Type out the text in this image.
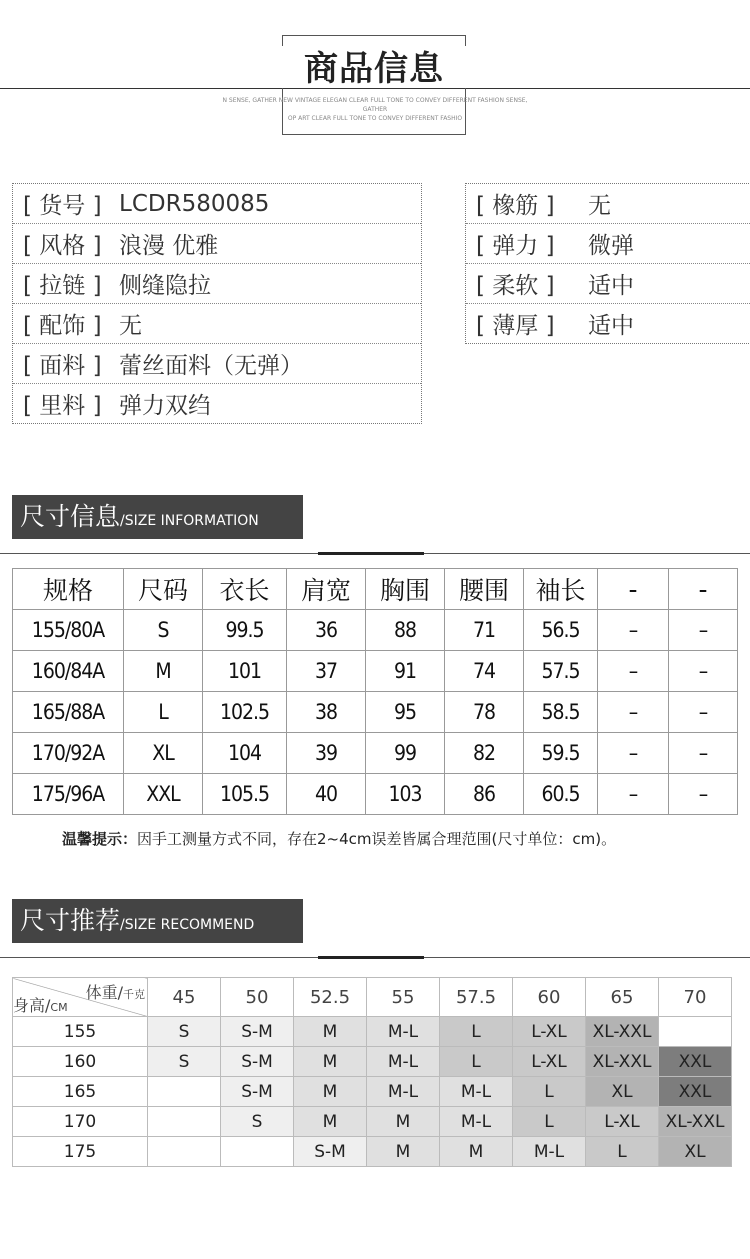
商品信息
N SENSE, GATHER NEW VINTAGE ELEGAN CLEAR FULL TONE TO CONVEY DIFFERENT FASHION SENSE, GATHER
OP ART CLEAR FULL TONE TO CONVEY DIFFERENT FASHIO
[ 货号 ] LCDR580085
[ 风格 ] 浪漫 优雅
[ 拉链 ] 侧缝隐拉
[ 配饰 ] 无
[ 面料 ] 蕾丝面料（无弹）
[ 里料 ] 弹力双绉
[ 橡筋 ]	无
[ 弹力 ]	微弹
[ 柔软 ]	适中
[ 薄厚 ]	适中
尺寸信息/SIZE INFORMATION
规格	尺码	衣长	肩宽	胸围	腰围	袖长	-	-
155/80A	S	99.5	36	88	71	56.5	–	–
160/84A	M	101	37	91	74	57.5	–	–
165/88A	L	102.5	38	95	78	58.5	–	–
170/92A	XL	104	39	99	82	59.5	–	–
175/96A	XXL	105.5	40	103	86	60.5	–	–
温馨提示：因手工测量方式不同，存在2~4cm误差皆属合理范围(尺寸单位：cm)。
尺寸推荐/SIZE RECOMMEND
体重/千克
身高/CM	45	50	52.5	55	57.5	60	65	70
155	S	S-M	M	M-L	L	L-XL	XL-XXL	
160	S	S-M	M	M-L	L	L-XL	XL-XXL	XXL
165		S-M	M	M-L	M-L	L	XL	XXL
170		S	M	M	M-L	L	L-XL	XL-XXL
175			S-M	M	M	M-L	L	XL
